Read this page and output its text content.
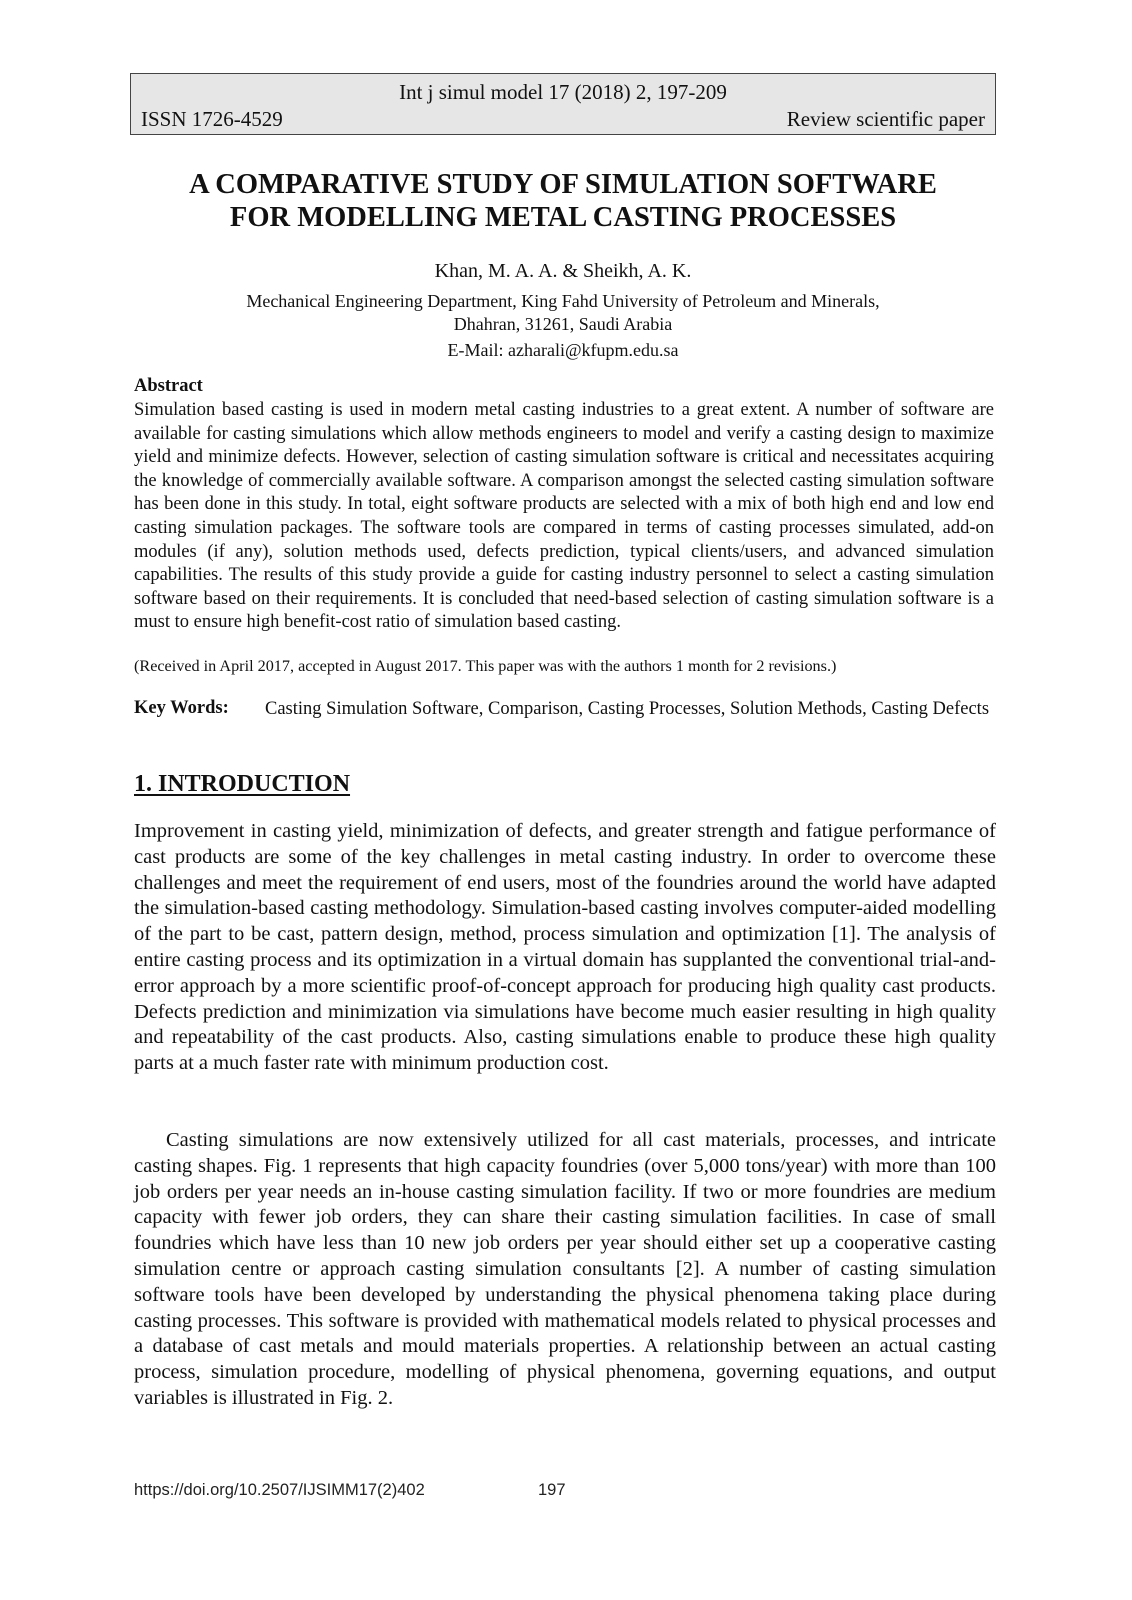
Int j simul model 17 (2018) 2, 197-209
ISSN 1726-4529	Review scientific paper
A COMPARATIVE STUDY OF SIMULATION SOFTWARE
FOR MODELLING METAL CASTING PROCESSES
Khan, M. A. A. & Sheikh, A. K.
Mechanical Engineering Department, King Fahd University of Petroleum and Minerals,
Dhahran, 31261, Saudi Arabia
E-Mail: azharali@kfupm.edu.sa
Abstract

Simulation based casting is used in modern metal casting industries to a great extent. A number of software are available for casting simulations which allow methods engineers to model and verify a casting design to maximize yield and minimize defects. However, selection of casting simulation software is critical and necessitates acquiring the knowledge of commercially available software. A comparison amongst the selected casting simulation software has been done in this study. In total, eight software products are selected with a mix of both high end and low end casting simulation packages. The software tools are compared in terms of casting processes simulated, add-on modules (if any), solution methods used, defects prediction, typical clients/users, and advanced simulation capabilities. The results of this study provide a guide for casting industry personnel to select a casting simulation software based on their requirements. It is concluded that need-based selection of casting simulation software is a must to ensure high benefit-cost ratio of simulation based casting.

(Received in April 2017, accepted in August 2017. This paper was with the authors 1 month for 2 revisions.)
Key Words: Casting Simulation Software, Comparison, Casting Processes, Solution Methods, Casting Defects
1. INTRODUCTION

Improvement in casting yield, minimization of defects, and greater strength and fatigue performance of cast products are some of the key challenges in metal casting industry. In order to overcome these challenges and meet the requirement of end users, most of the foundries around the world have adapted the simulation-based casting methodology. Simulation-based casting involves computer-aided modelling of the part to be cast, pattern design, method, process simulation and optimization [1]. The analysis of entire casting process and its optimization in a virtual domain has supplanted the conventional trial-and-error approach by a more scientific proof-of-concept approach for producing high quality cast products. Defects prediction and minimization via simulations have become much easier resulting in high quality and repeatability of the cast products. Also, casting simulations enable to produce these high quality parts at a much faster rate with minimum production cost.

Casting simulations are now extensively utilized for all cast materials, processes, and intricate casting shapes. Fig. 1 represents that high capacity foundries (over 5,000 tons/year) with more than 100 job orders per year needs an in-house casting simulation facility. If two or more foundries are medium capacity with fewer job orders, they can share their casting simulation facilities. In case of small foundries which have less than 10 new job orders per year should either set up a cooperative casting simulation centre or approach casting simulation consultants [2]. A number of casting simulation software tools have been developed by understanding the physical phenomena taking place during casting processes. This software is provided with mathematical models related to physical processes and a database of cast metals and mould materials properties. A relationship between an actual casting process, simulation procedure, modelling of physical phenomena, governing equations, and output variables is illustrated in Fig. 2.

https://doi.org/10.2507/IJSIMM17(2)402	197
